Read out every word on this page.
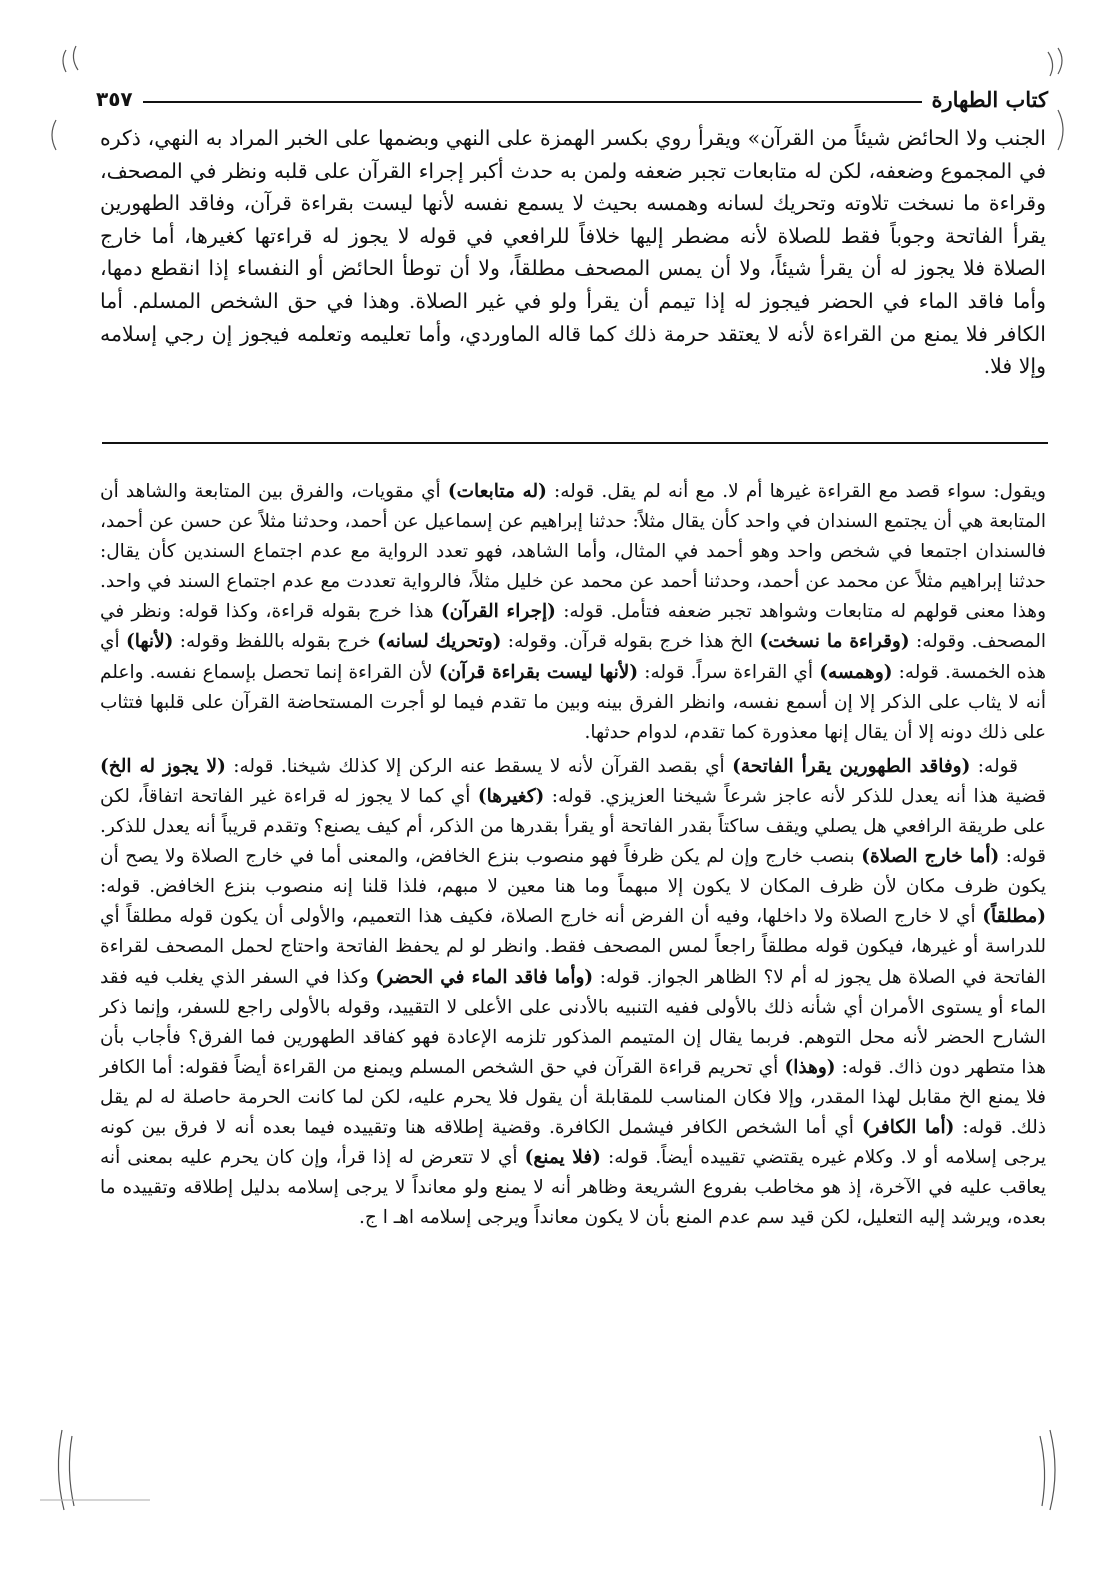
كتاب الطهارة
٣٥٧

الجنب ولا الحائض شيئاً من القرآن» ويقرأ روي بكسر الهمزة على النهي وبضمها على الخبر المراد به النهي، ذكره في المجموع وضعفه، لكن له متابعات تجبر ضعفه ولمن به حدث أكبر إجراء القرآن على قلبه ونظر في المصحف، وقراءة ما نسخت تلاوته وتحريك لسانه وهمسه بحيث لا يسمع نفسه لأنها ليست بقراءة قرآن، وفاقد الطهورين يقرأ الفاتحة وجوباً فقط للصلاة لأنه مضطر إليها خلافاً للرافعي في قوله لا يجوز له قراءتها كغيرها، أما خارج الصلاة فلا يجوز له أن يقرأ شيئاً، ولا أن يمس المصحف مطلقاً، ولا أن توطأ الحائض أو النفساء إذا انقطع دمها، وأما فاقد الماء في الحضر فيجوز له إذا تيمم أن يقرأ ولو في غير الصلاة. وهذا في حق الشخص المسلم. أما الكافر فلا يمنع من القراءة لأنه لا يعتقد حرمة ذلك كما قاله الماوردي، وأما تعليمه وتعلمه فيجوز إن رجي إسلامه وإلا فلا.

ويقول: سواء قصد مع القراءة غيرها أم لا. مع أنه لم يقل. قوله: (له متابعات) أي مقويات، والفرق بين المتابعة والشاهد أن المتابعة هي أن يجتمع السندان في واحد كأن يقال مثلاً: حدثنا إبراهيم عن إسماعيل عن أحمد، وحدثنا مثلاً عن حسن عن أحمد، فالسندان اجتمعا في شخص واحد وهو أحمد في المثال، وأما الشاهد، فهو تعدد الرواية مع عدم اجتماع السندين كأن يقال: حدثنا إبراهيم مثلاً عن محمد عن أحمد، وحدثنا أحمد عن محمد عن خليل مثلاً، فالرواية تعددت مع عدم اجتماع السند في واحد. وهذا معنى قولهم له متابعات وشواهد تجبر ضعفه فتأمل. قوله: (إجراء القرآن) هذا خرج بقوله قراءة، وكذا قوله: ونظر في المصحف. وقوله: (وقراءة ما نسخت) الخ هذا خرج بقوله قرآن. وقوله: (وتحريك لسانه) خرج بقوله باللفظ وقوله: (لأنها) أي هذه الخمسة. قوله: (وهمسه) أي القراءة سراً. قوله: (لأنها ليست بقراءة قرآن) لأن القراءة إنما تحصل بإسماع نفسه. واعلم أنه لا يثاب على الذكر إلا إن أسمع نفسه، وانظر الفرق بينه وبين ما تقدم فيما لو أجرت المستحاضة القرآن على قلبها فتثاب على ذلك دونه إلا أن يقال إنها معذورة كما تقدم، لدوام حدثها.

قوله: (وفاقد الطهورين يقرأ الفاتحة) أي بقصد القرآن لأنه لا يسقط عنه الركن إلا كذلك شيخنا. قوله: (لا يجوز له الخ) قضية هذا أنه يعدل للذكر لأنه عاجز شرعاً شيخنا العزيزي. قوله: (كغيرها) أي كما لا يجوز له قراءة غير الفاتحة اتفاقاً، لكن على طريقة الرافعي هل يصلي ويقف ساكتاً بقدر الفاتحة أو يقرأ بقدرها من الذكر، أم كيف يصنع؟ وتقدم قريباً أنه يعدل للذكر. قوله: (أما خارج الصلاة) بنصب خارج وإن لم يكن ظرفاً فهو منصوب بنزع الخافض، والمعنى أما في خارج الصلاة ولا يصح أن يكون ظرف مكان لأن ظرف المكان لا يكون إلا مبهماً وما هنا معين لا مبهم، فلذا قلنا إنه منصوب بنزع الخافض. قوله: (مطلقاً) أي لا خارج الصلاة ولا داخلها، وفيه أن الفرض أنه خارج الصلاة، فكيف هذا التعميم، والأولى أن يكون قوله مطلقاً أي للدراسة أو غيرها، فيكون قوله مطلقاً راجعاً لمس المصحف فقط. وانظر لو لم يحفظ الفاتحة واحتاج لحمل المصحف لقراءة الفاتحة في الصلاة هل يجوز له أم لا؟ الظاهر الجواز. قوله: (وأما فاقد الماء في الحضر) وكذا في السفر الذي يغلب فيه فقد الماء أو يستوى الأمران أي شأنه ذلك بالأولى ففيه التنبيه بالأدنى على الأعلى لا التقييد، وقوله بالأولى راجع للسفر، وإنما ذكر الشارح الحضر لأنه محل التوهم. فربما يقال إن المتيمم المذكور تلزمه الإعادة فهو كفاقد الطهورين فما الفرق؟ فأجاب بأن هذا متطهر دون ذاك. قوله: (وهذا) أي تحريم قراءة القرآن في حق الشخص المسلم ويمنع من القراءة أيضاً فقوله: أما الكافر فلا يمنع الخ مقابل لهذا المقدر، وإلا فكان المناسب للمقابلة أن يقول فلا يحرم عليه، لكن لما كانت الحرمة حاصلة له لم يقل ذلك. قوله: (أما الكافر) أي أما الشخص الكافر فيشمل الكافرة. وقضية إطلاقه هنا وتقييده فيما بعده أنه لا فرق بين كونه يرجى إسلامه أو لا. وكلام غيره يقتضي تقييده أيضاً. قوله: (فلا يمنع) أي لا تتعرض له إذا قرأ، وإن كان يحرم عليه بمعنى أنه يعاقب عليه في الآخرة، إذ هو مخاطب بفروع الشريعة وظاهر أنه لا يمنع ولو معانداً لا يرجى إسلامه بدليل إطلاقه وتقييده ما بعده، ويرشد إليه التعليل، لكن قيد سم عدم المنع بأن لا يكون معانداً ويرجى إسلامه اهـ ا ج.
